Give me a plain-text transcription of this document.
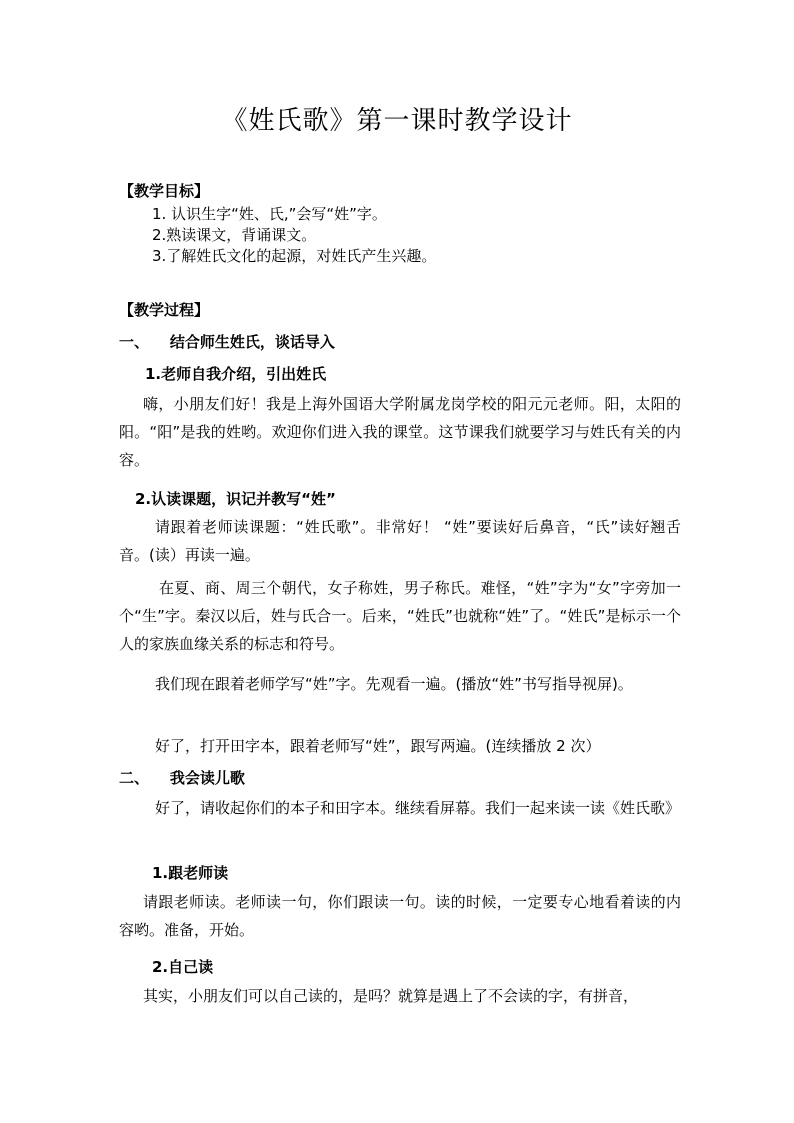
《姓氏歌》第一课时教学设计
【教学目标】
1. 认识生字“姓、氏,”会写“姓”字。
2.熟读课文，背诵课文。
3.了解姓氏文化的起源，对姓氏产生兴趣。
【教学过程】
一、    结合师生姓氏，谈话导入
1.老师自我介绍，引出姓氏
嗨，小朋友们好！我是上海外国语大学附属龙岗学校的阳元元老师。阳，太阳的阳。“阳”是我的姓哟。欢迎你们进入我的课堂。这节课我们就要学习与姓氏有关的内容。
2.认读课题，识记并教写“姓”
请跟着老师读课题：“姓氏歌”。非常好！ “姓”要读好后鼻音，“氏”读好翘舌音。(读）再读一遍。
在夏、商、周三个朝代，女子称姓，男子称氏。难怪，“姓”字为“女”字旁加一个“生”字。秦汉以后，姓与氏合一。后来，“姓氏”也就称“姓”了。“姓氏”是标示一个人的家族血缘关系的标志和符号。
我们现在跟着老师学写“姓”字。先观看一遍。(播放“姓”书写指导视屏)。
好了，打开田字本，跟着老师写“姓”，跟写两遍。(连续播放 2 次）
二、    我会读儿歌
好了，请收起你们的本子和田字本。继续看屏幕。我们一起来读一读《姓氏歌》
1.跟老师读
请跟老师读。老师读一句，你们跟读一句。读的时候，一定要专心地看着读的内容哟。准备，开始。
2.自己读
其实，小朋友们可以自己读的，是吗？就算是遇上了不会读的字，有拼音，
